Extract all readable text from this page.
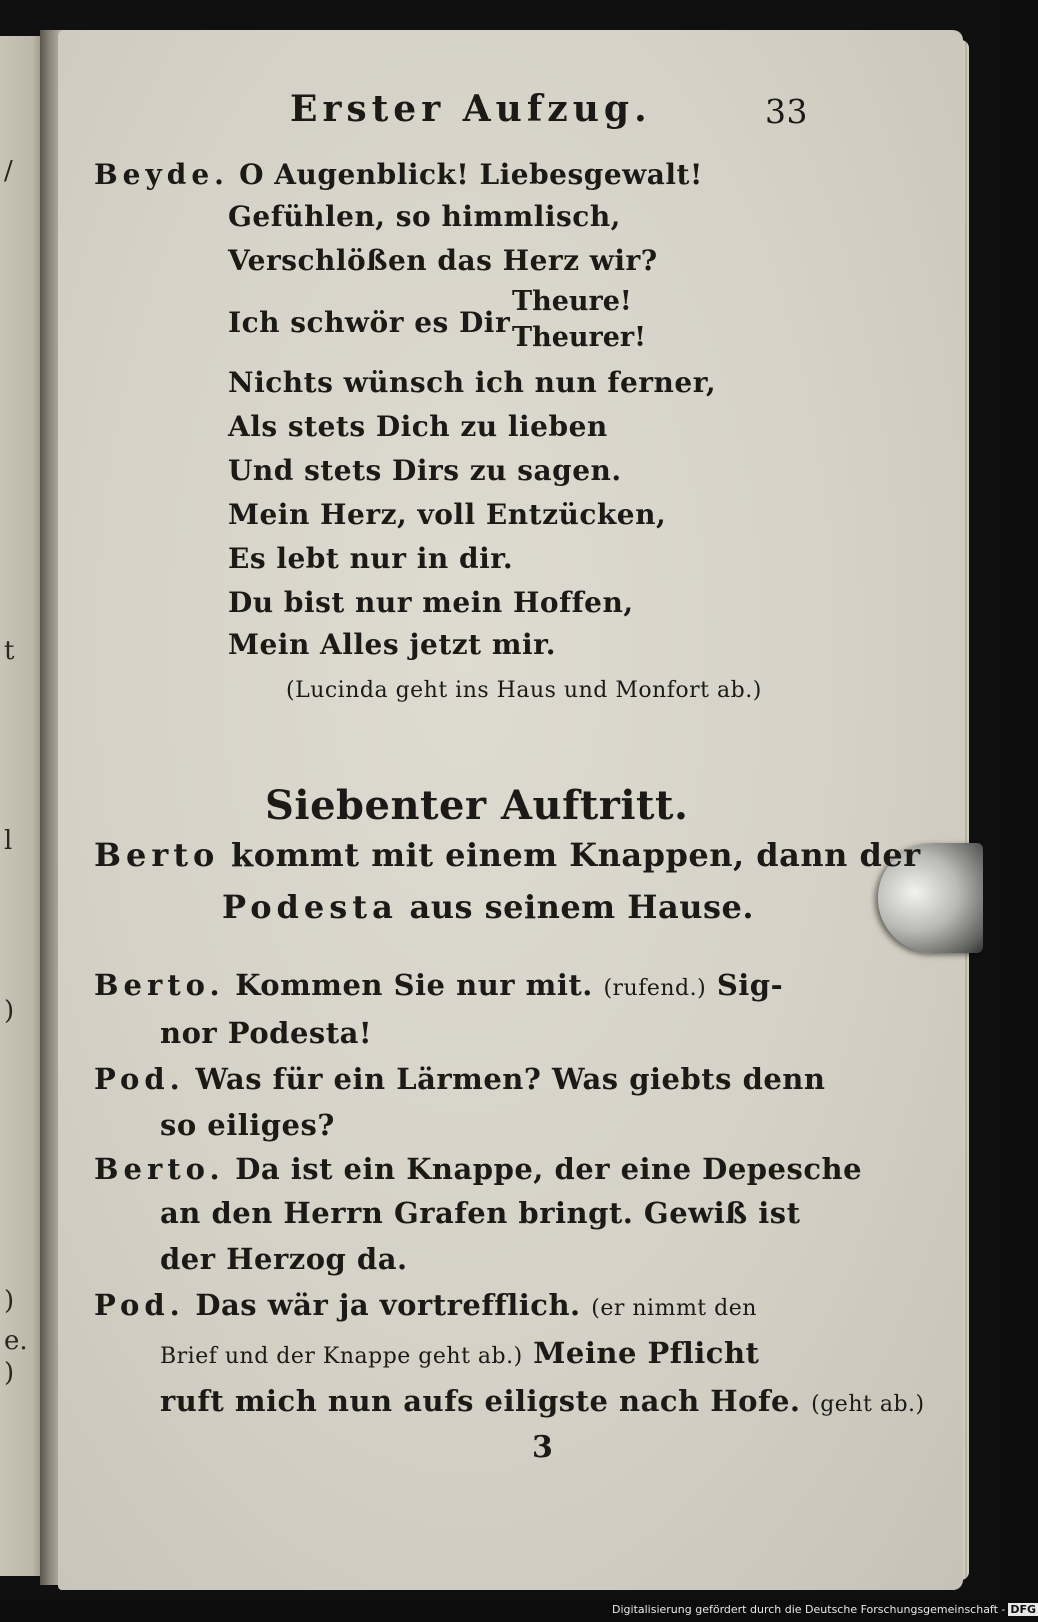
/
t
l
)
)
e.
)
Erster Aufzug.	33
Beyde. O Augenblick! Liebesgewalt!
Gefühlen, so himmlisch,
Verschlößen das Herz wir?
Ich schwör es Dir
Theure!
Theurer!
Nichts wünsch ich nun ferner,
Als stets Dich zu lieben
Und stets Dirs zu sagen.
Mein Herz, voll Entzücken,
Es lebt nur in dir.
Du bist nur mein Hoffen,
Mein Alles jetzt mir.
(Lucinda geht ins Haus und Monfort ab.)
Siebenter Auftritt.
Berto kommt mit einem Knappen, dann der
Podesta aus seinem Hause.
Berto. Kommen Sie nur mit. (rufend.) Sig-
nor Podesta!
Pod. Was für ein Lärmen? Was giebts denn
so eiliges?
Berto. Da ist ein Knappe, der eine Depesche
an den Herrn Grafen bringt. Gewiß ist
der Herzog da.
Pod. Das wär ja vortrefflich. (er nimmt den
Brief und der Knappe geht ab.) Meine Pflicht
ruft mich nun aufs eiligste nach Hofe. (geht ab.)
3
Digitalisierung gefördert durch die Deutsche Forschungsgemeinschaft - DFG
